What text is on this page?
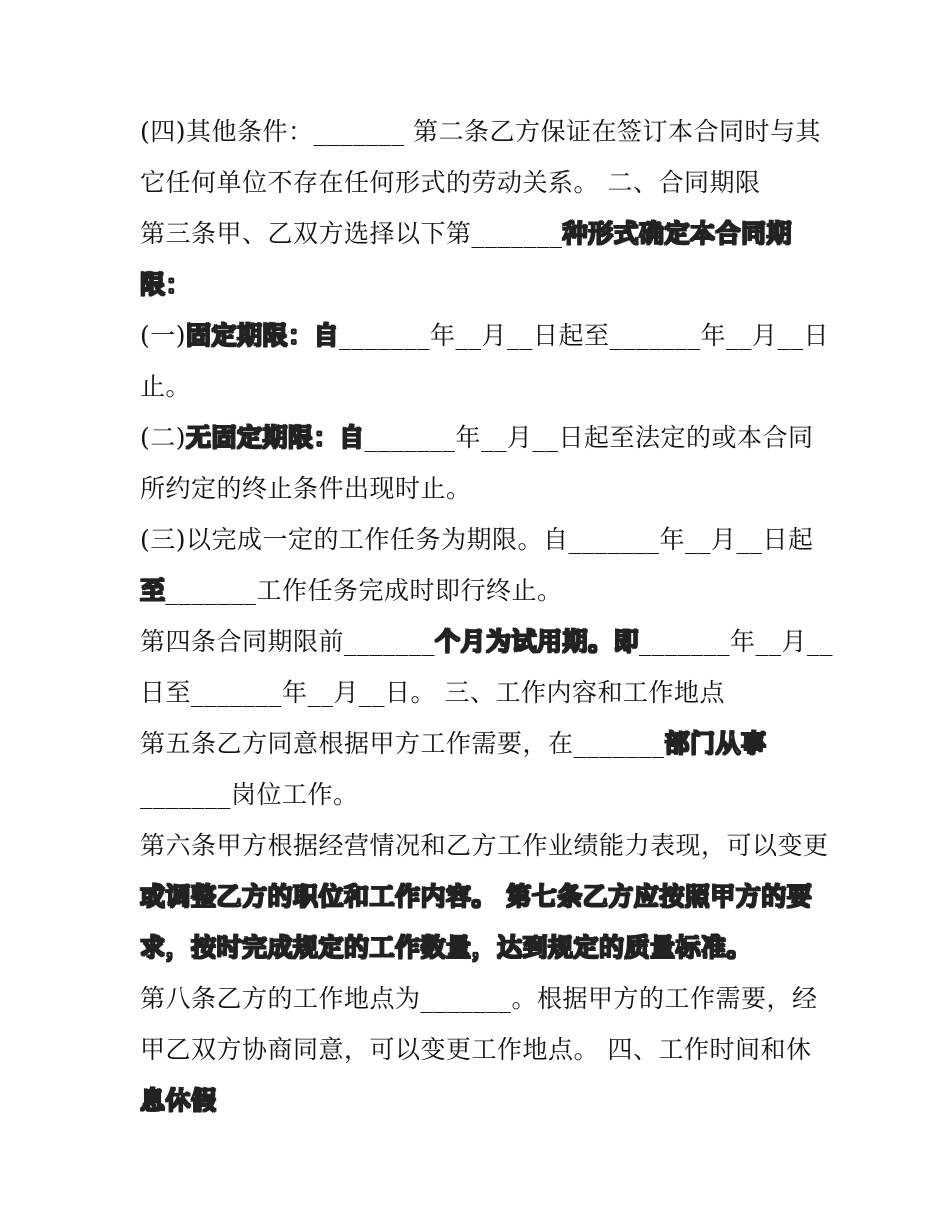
(四)其他条件：_______ 第二条乙方保证在签订本合同时与其
它任何单位不存在任何形式的劳动关系。 二、合同期限
第三条甲、乙双方选择以下第_______种形式确定本合同期
限：
(一)固定期限：自_______年__月__日起至_______年__月__日
止。
(二)无固定期限：自_______年__月__日起至法定的或本合同
所约定的终止条件出现时止。
(三)以完成一定的工作任务为期限。自_______年__月__日起
至_______工作任务完成时即行终止。
第四条合同期限前_______个月为试用期。即_______年__月__
日至_______年__月__日。 三、工作内容和工作地点
第五条乙方同意根据甲方工作需要，在_______部门从事
_______岗位工作。
第六条甲方根据经营情况和乙方工作业绩能力表现，可以变更
或调整乙方的职位和工作内容。 第七条乙方应按照甲方的要
求，按时完成规定的工作数量，达到规定的质量标准。
第八条乙方的工作地点为_______。根据甲方的工作需要，经
甲乙双方协商同意，可以变更工作地点。 四、工作时间和休
息休假
